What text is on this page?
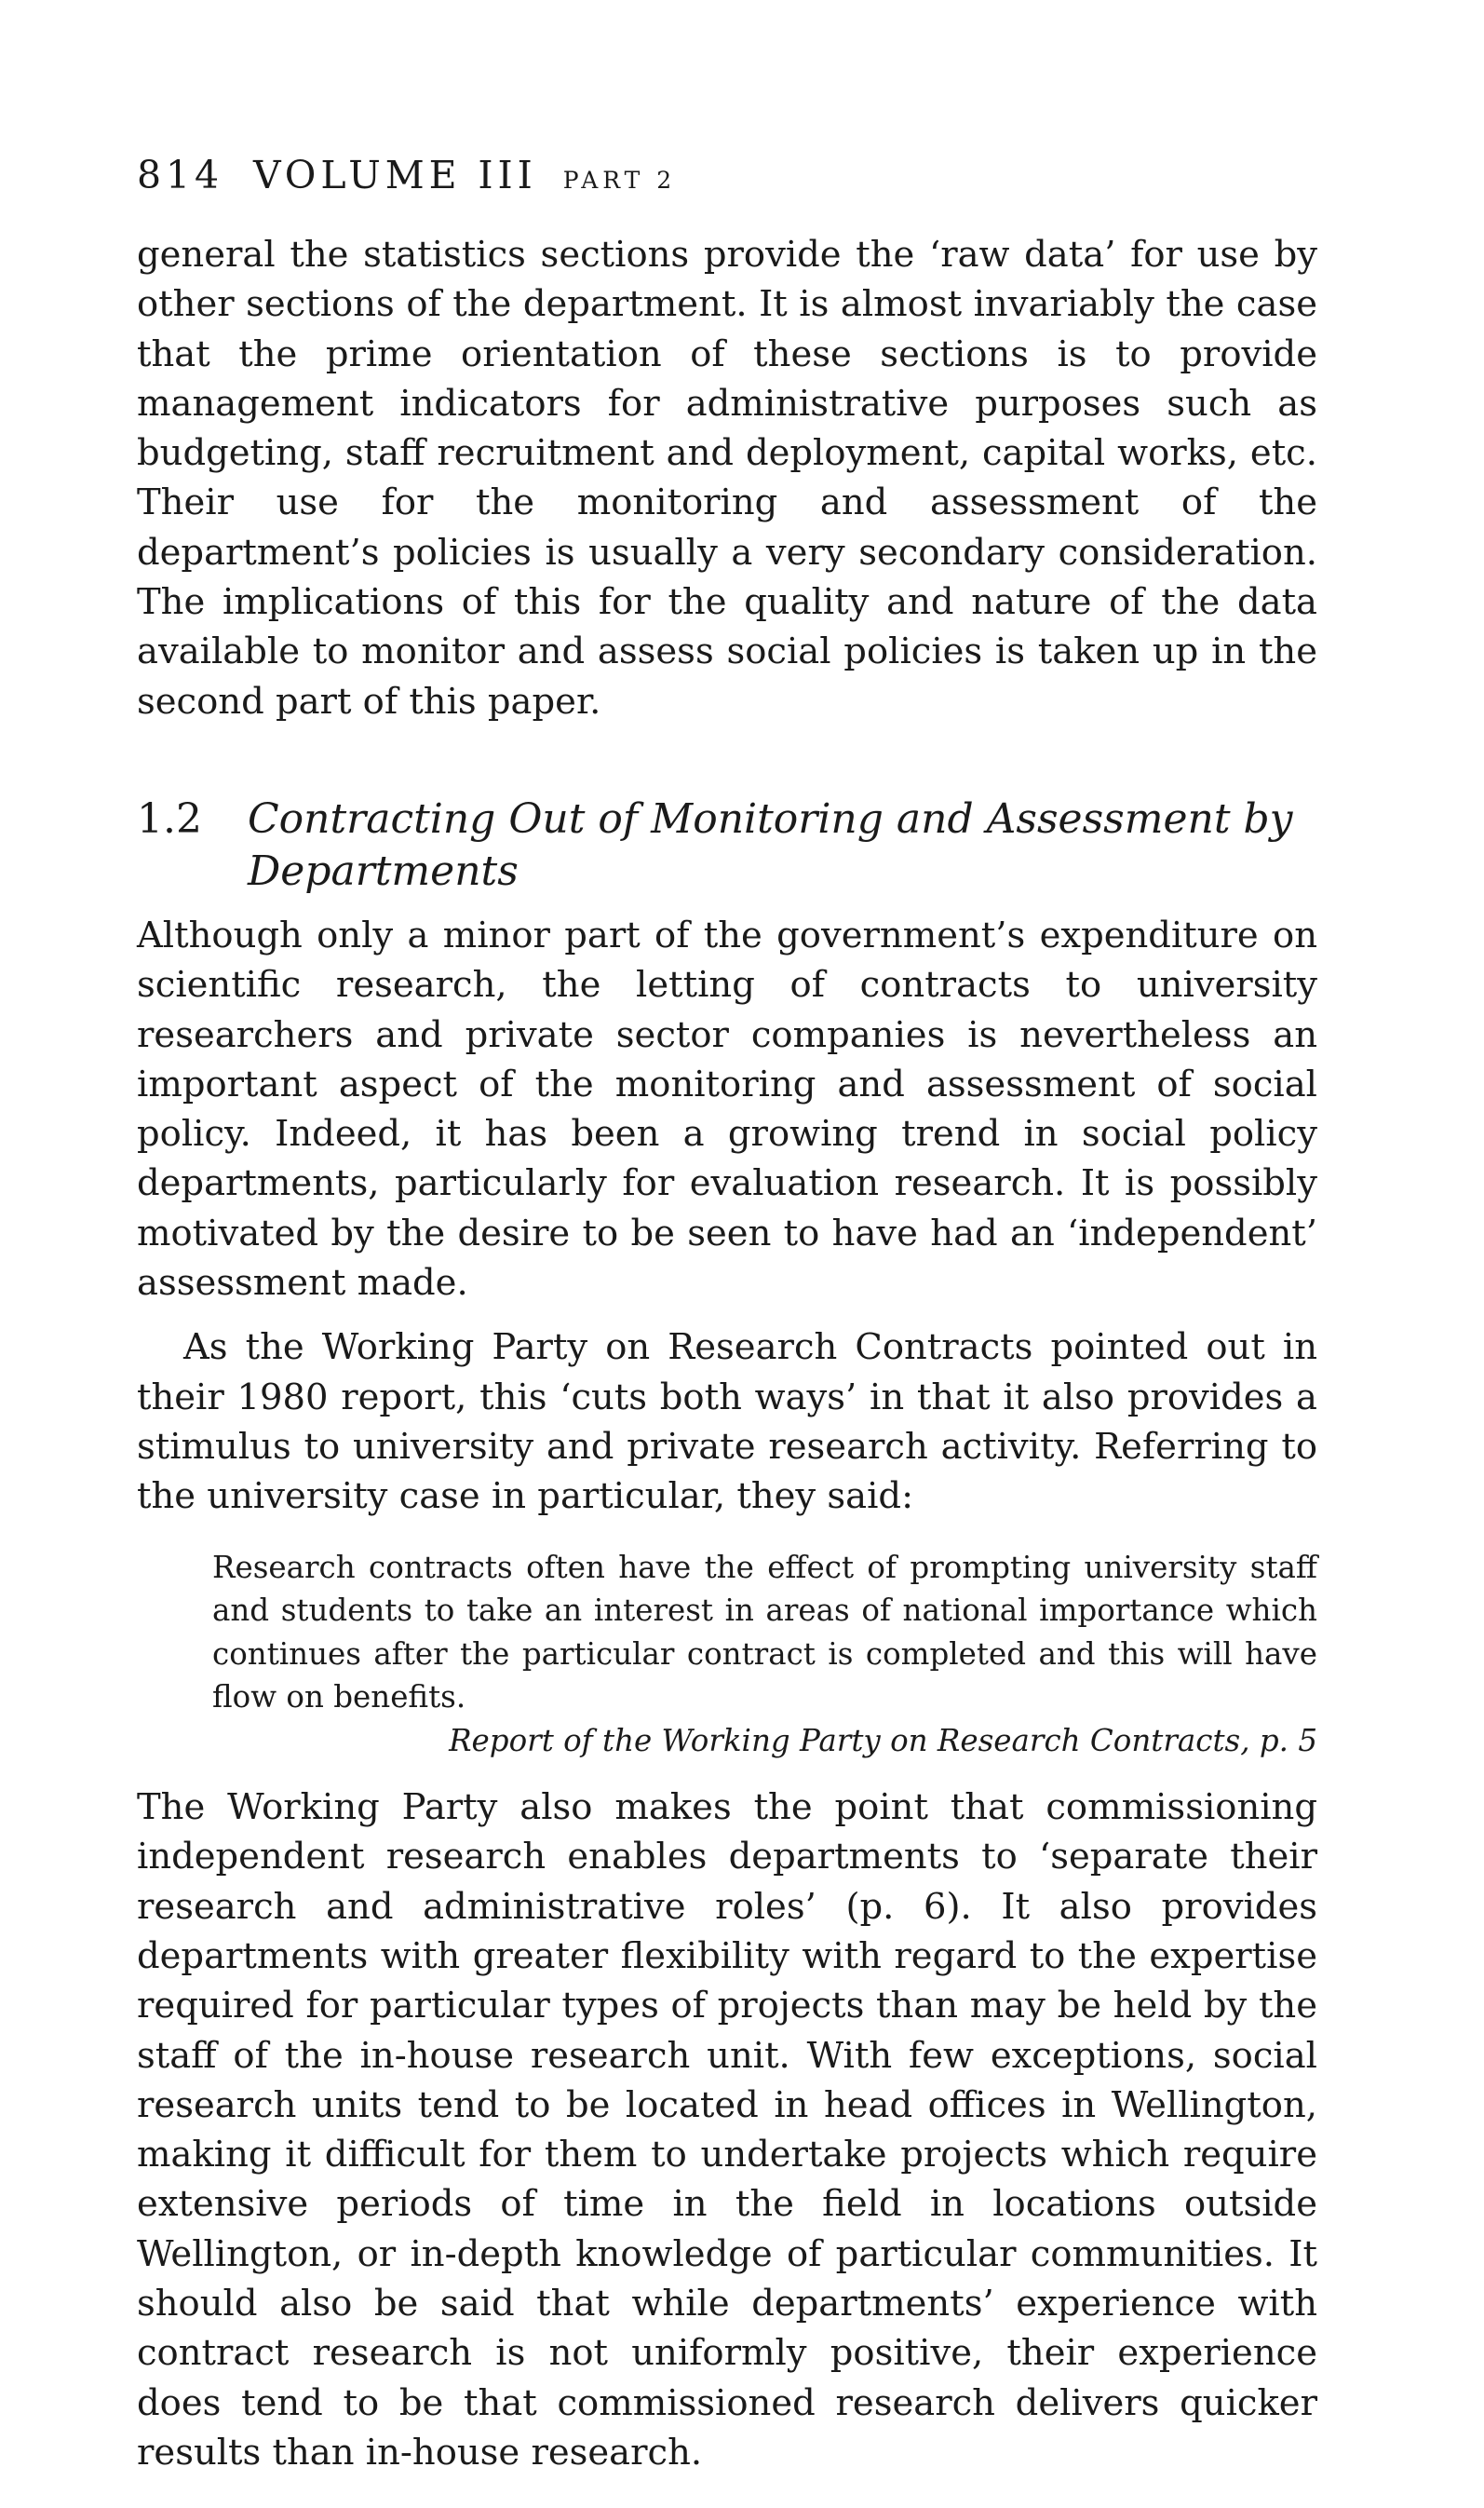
814 VOLUME III PART 2

general the statistics sections provide the ‘raw data’ for use by other sections of the department. It is almost invariably the case that the prime orientation of these sections is to provide management indicators for administrative purposes such as budgeting, staff recruitment and deployment, capital works, etc. Their use for the monitoring and assessment of the department’s policies is usually a very secondary consideration. The implications of this for the quality and nature of the data available to monitor and assess social policies is taken up in the second part of this paper.

1.2	Contracting Out of Monitoring and Assessment by Departments

Although only a minor part of the government’s expenditure on scientific research, the letting of contracts to university researchers and private sector companies is nevertheless an important aspect of the monitoring and assessment of social policy. Indeed, it has been a growing trend in social policy departments, particularly for evaluation research. It is possibly motivated by the desire to be seen to have had an ‘independent’ assessment made.

As the Working Party on Research Contracts pointed out in their 1980 report, this ‘cuts both ways’ in that it also provides a stimulus to university and private research activity. Referring to the university case in particular, they said:

Research contracts often have the effect of prompting university staff and students to take an interest in areas of national importance which continues after the particular contract is completed and this will have flow on benefits.
Report of the Working Party on Research Contracts, p. 5

The Working Party also makes the point that commissioning independent research enables departments to ‘separate their research and administrative roles’ (p. 6). It also provides departments with greater flexibility with regard to the expertise required for particular types of projects than may be held by the staff of the in-house research unit. With few exceptions, social research units tend to be located in head offices in Wellington, making it difficult for them to undertake projects which require extensive periods of time in the field in locations outside Wellington, or in-depth knowledge of particular communities. It should also be said that while departments’ experience with contract research is not uniformly positive, their experience does tend to be that commissioned research delivers quicker results than in-house research.
